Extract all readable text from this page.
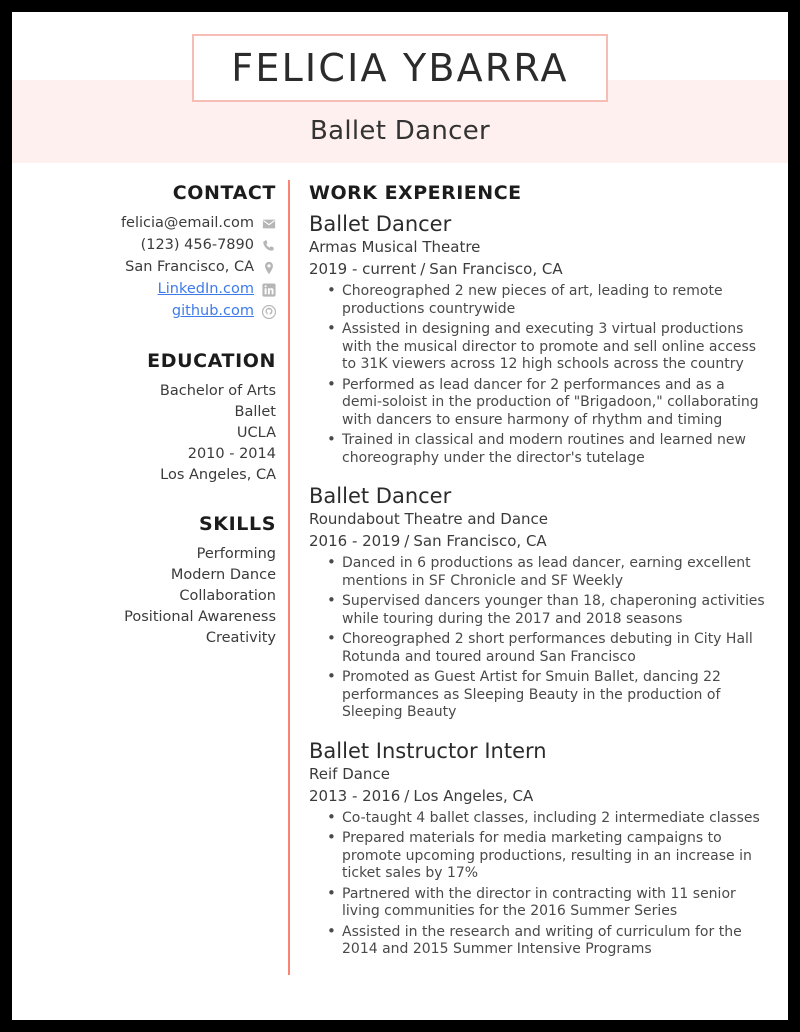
FELICIA YBARRA
Ballet Dancer
CONTACT
felicia@email.com
(123) 456-7890
San Francisco, CA
LinkedIn.com
github.com
EDUCATION
Bachelor of Arts
Ballet
UCLA
2010 - 2014
Los Angeles, CA
SKILLS
Performing
Modern Dance
Collaboration
Positional Awareness
Creativity
WORK EXPERIENCE
Ballet Dancer
Armas Musical Theatre
2019 - current / San Francisco, CA
• Choreographed 2 new pieces of art, leading to remote productions countrywide
• Assisted in designing and executing 3 virtual productions with the musical director to promote and sell online access to 31K viewers across 12 high schools across the country
• Performed as lead dancer for 2 performances and as a demi-soloist in the production of "Brigadoon," collaborating with dancers to ensure harmony of rhythm and timing
• Trained in classical and modern routines and learned new choreography under the director's tutelage
Ballet Dancer
Roundabout Theatre and Dance
2016 - 2019 / San Francisco, CA
• Danced in 6 productions as lead dancer, earning excellent mentions in SF Chronicle and SF Weekly
• Supervised dancers younger than 18, chaperoning activities while touring during the 2017 and 2018 seasons
• Choreographed 2 short performances debuting in City Hall Rotunda and toured around San Francisco
• Promoted as Guest Artist for Smuin Ballet, dancing 22 performances as Sleeping Beauty in the production of Sleeping Beauty
Ballet Instructor Intern
Reif Dance
2013 - 2016 / Los Angeles, CA
• Co-taught 4 ballet classes, including 2 intermediate classes
• Prepared materials for media marketing campaigns to promote upcoming productions, resulting in an increase in ticket sales by 17%
• Partnered with the director in contracting with 11 senior living communities for the 2016 Summer Series
• Assisted in the research and writing of curriculum for the 2014 and 2015 Summer Intensive Programs
